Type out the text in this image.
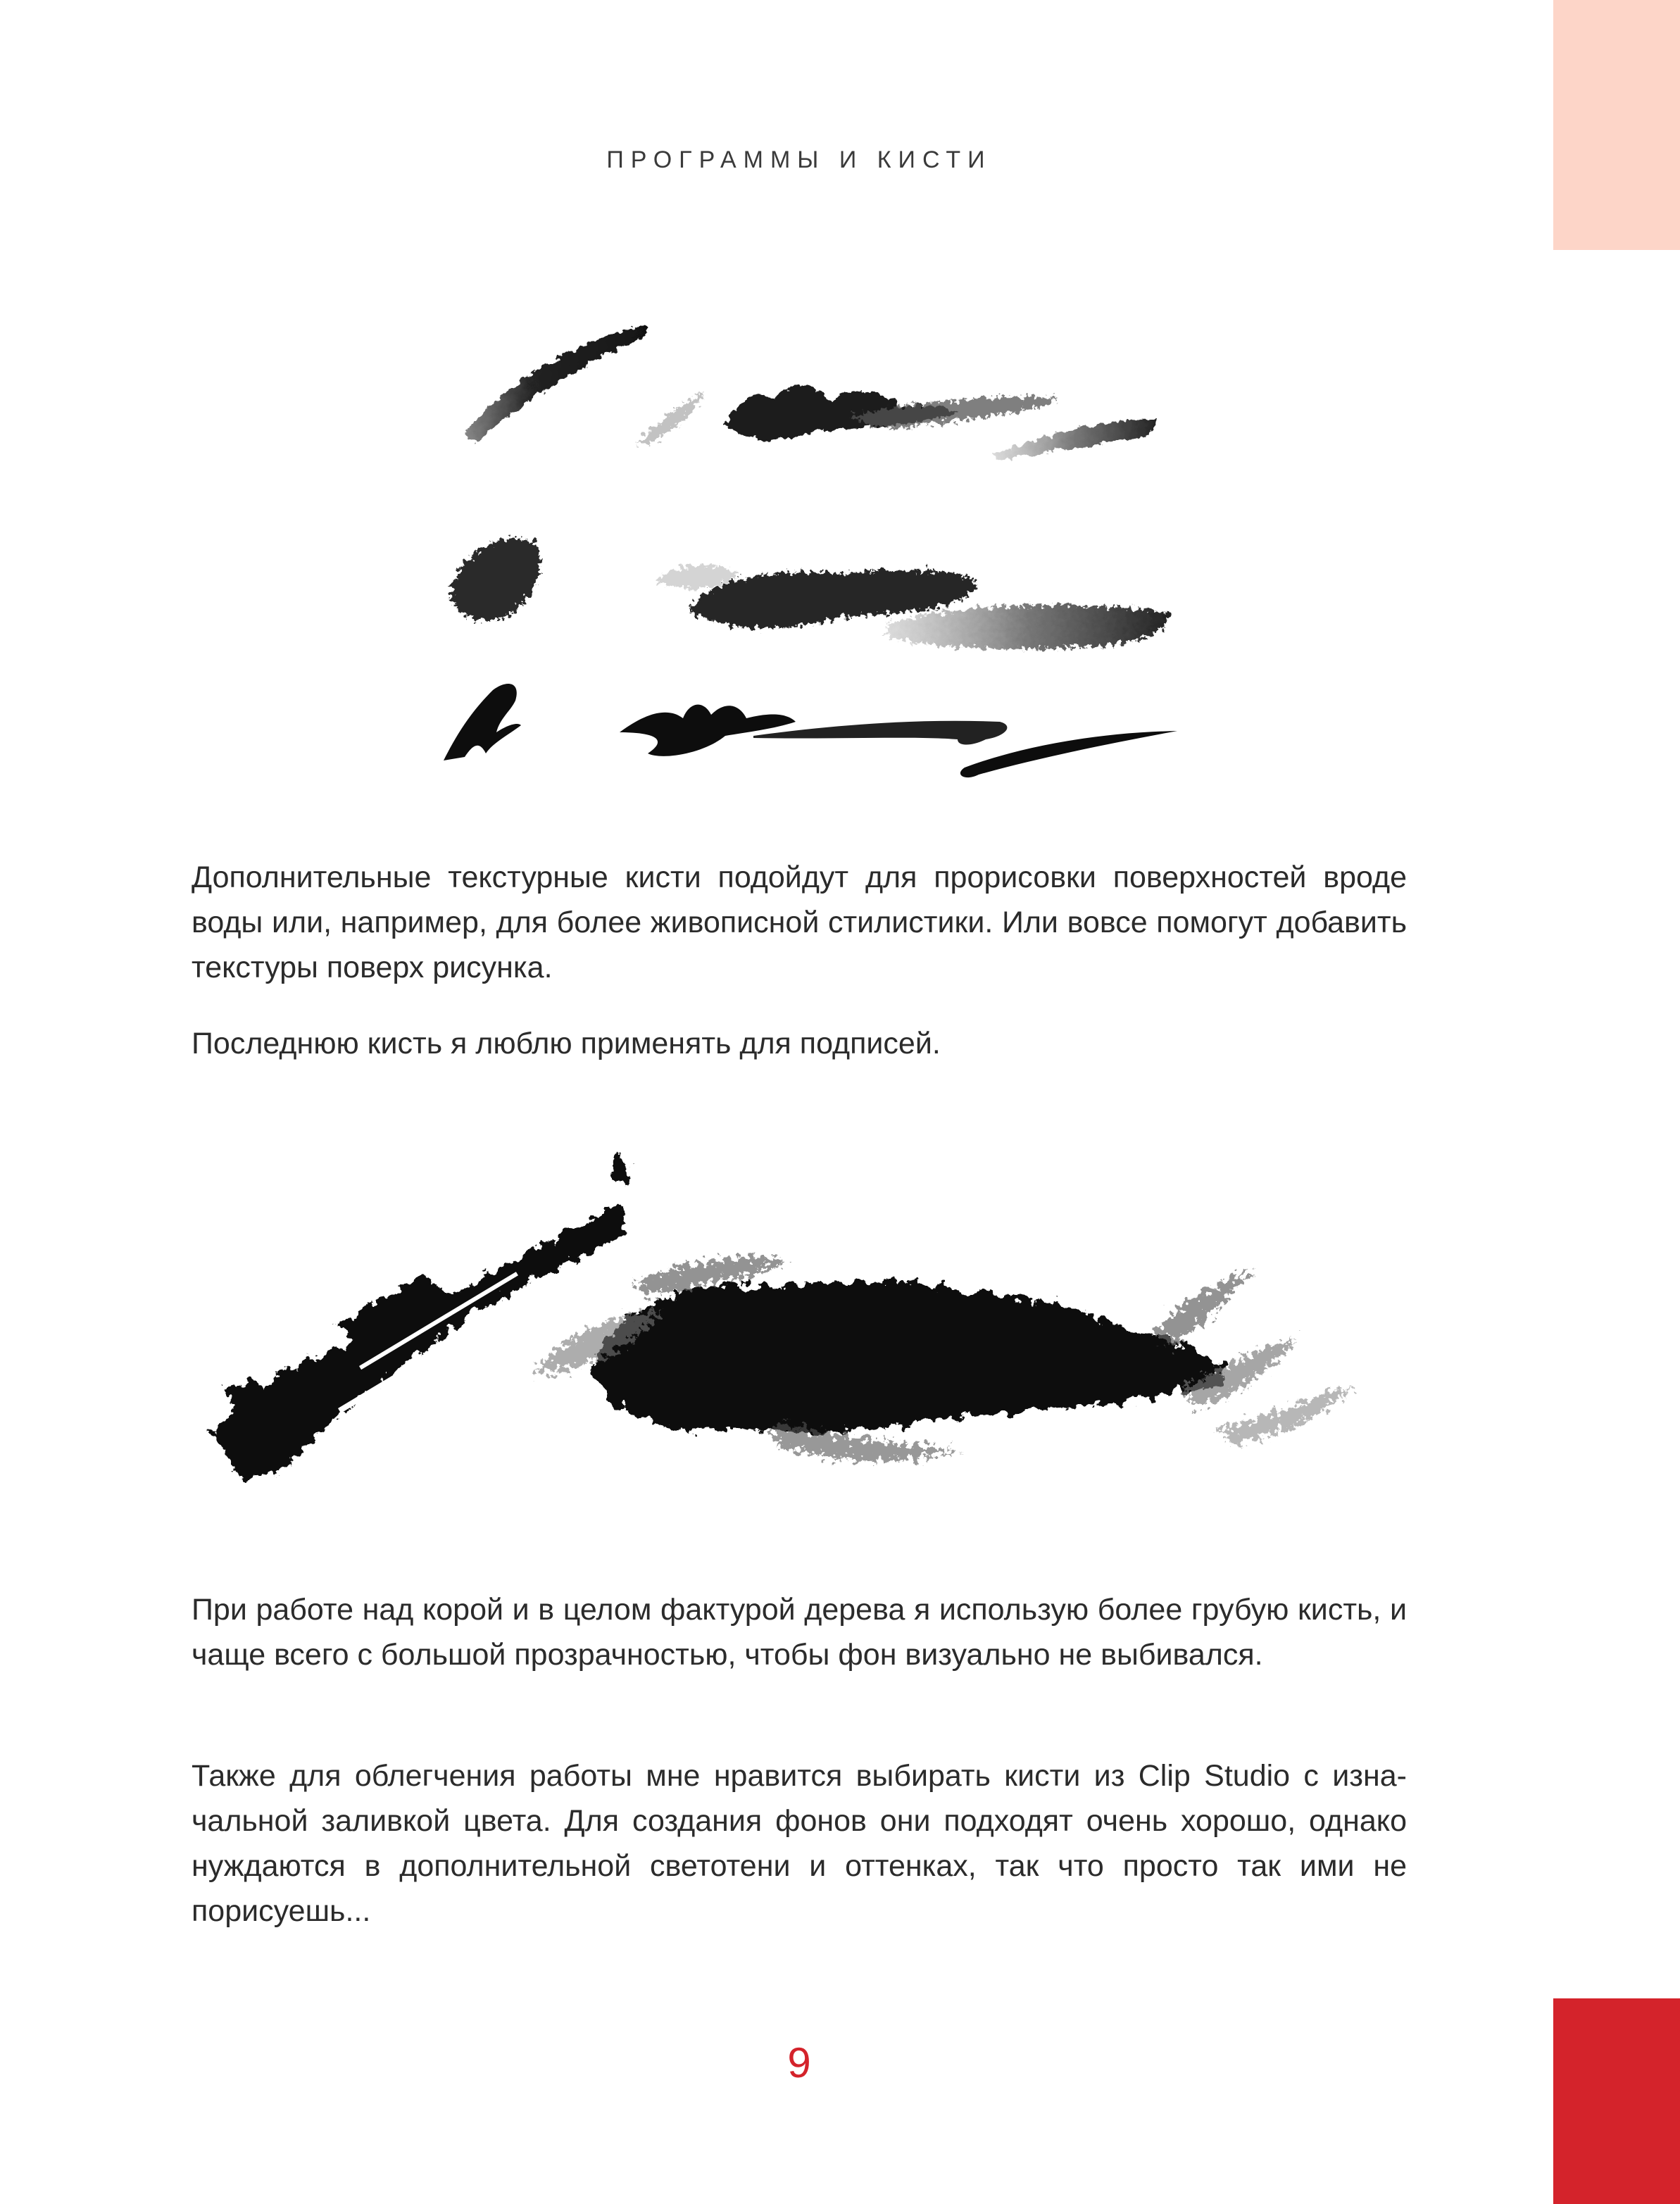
ПРОГРАММЫ И КИСТИ

Дополнительные текстурные кисти подойдут для прорисовки поверхностей вроде воды или, например, для более живописной стилистики. Или вовсе помогут добавить текстуры поверх рисунка.

Последнюю кисть я люблю применять для подписей.

При работе над корой и в целом фактурой дерева я использую более грубую кисть, и чаще всего с большой прозрачностью, чтобы фон визуально не выбивался.

Также для облегчения работы мне нравится выбирать кисти из Clip Studio с изначальной заливкой цвета. Для создания фонов они подходят очень хорошо, однако нуждаются в дополнительной светотени и оттенках, так что просто так ими не порисуешь...

9
